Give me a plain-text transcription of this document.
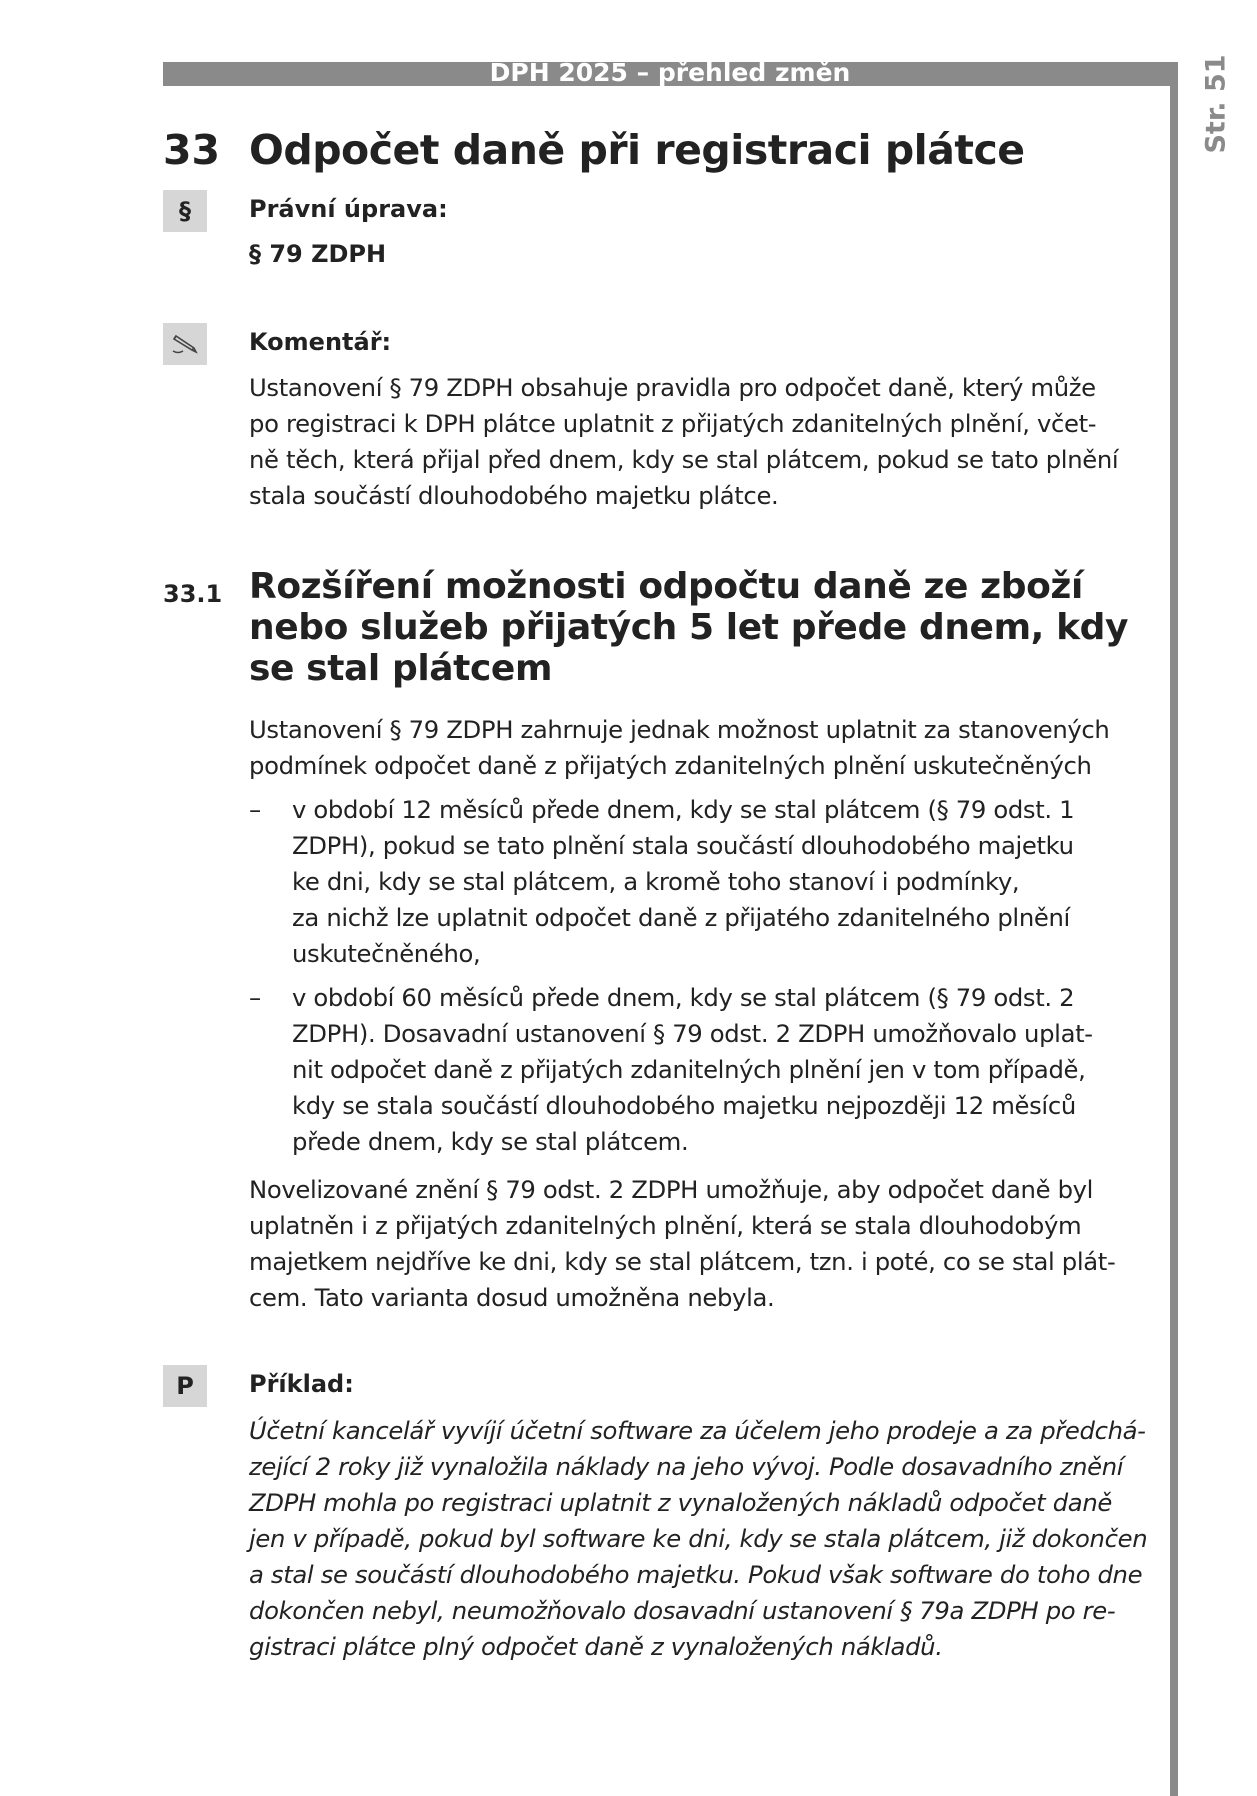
DPH 2025 – přehled změn	Str. 51
33 Odpočet daně při registraci plátce
§ Právní úprava:
§ 79 ZDPH
Komentář:

Ustanovení § 79 ZDPH obsahuje pravidla pro odpočet daně, který může
po registraci k DPH plátce uplatnit z přijatých zdanitelných plnění, včet-
ně těch, která přijal před dnem, kdy se stal plátcem, pokud se tato plnění
stala součástí dlouhodobého majetku plátce.

33.1 Rozšíření možnosti odpočtu daně ze zboží
nebo služeb přijatých 5 let přede dnem, kdy
se stal plátcem

Ustanovení § 79 ZDPH zahrnuje jednak možnost uplatnit za stanovených
podmínek odpočet daně z přijatých zdanitelných plnění uskutečněných

– v období 12 měsíců přede dnem, kdy se stal plátcem (§ 79 odst. 1
ZDPH), pokud se tato plnění stala součástí dlouhodobého majetku
ke dni, kdy se stal plátcem, a kromě toho stanoví i podmínky,
za nichž lze uplatnit odpočet daně z přijatého zdanitelného plnění
uskutečněného,
– v období 60 měsíců přede dnem, kdy se stal plátcem (§ 79 odst. 2
ZDPH). Dosavadní ustanovení § 79 odst. 2 ZDPH umožňovalo uplat-
nit odpočet daně z přijatých zdanitelných plnění jen v tom případě,
kdy se stala součástí dlouhodobého majetku nejpozději 12 měsíců
přede dnem, kdy se stal plátcem.

Novelizované znění § 79 odst. 2 ZDPH umožňuje, aby odpočet daně byl
uplatněn i z přijatých zdanitelných plnění, která se stala dlouhodobým
majetkem nejdříve ke dni, kdy se stal plátcem, tzn. i poté, co se stal plát-
cem. Tato varianta dosud umožněna nebyla.

P Příklad:

Účetní kancelář vyvíjí účetní software za účelem jeho prodeje a za předchá-
zející 2 roky již vynaložila náklady na jeho vývoj. Podle dosavadního znění
ZDPH mohla po registraci uplatnit z vynaložených nákladů odpočet daně
jen v případě, pokud byl software ke dni, kdy se stala plátcem, již dokončen
a stal se součástí dlouhodobého majetku. Pokud však software do toho dne
dokončen nebyl, neumožňovalo dosavadní ustanovení § 79a ZDPH po re-
gistraci plátce plný odpočet daně z vynaložených nákladů.
